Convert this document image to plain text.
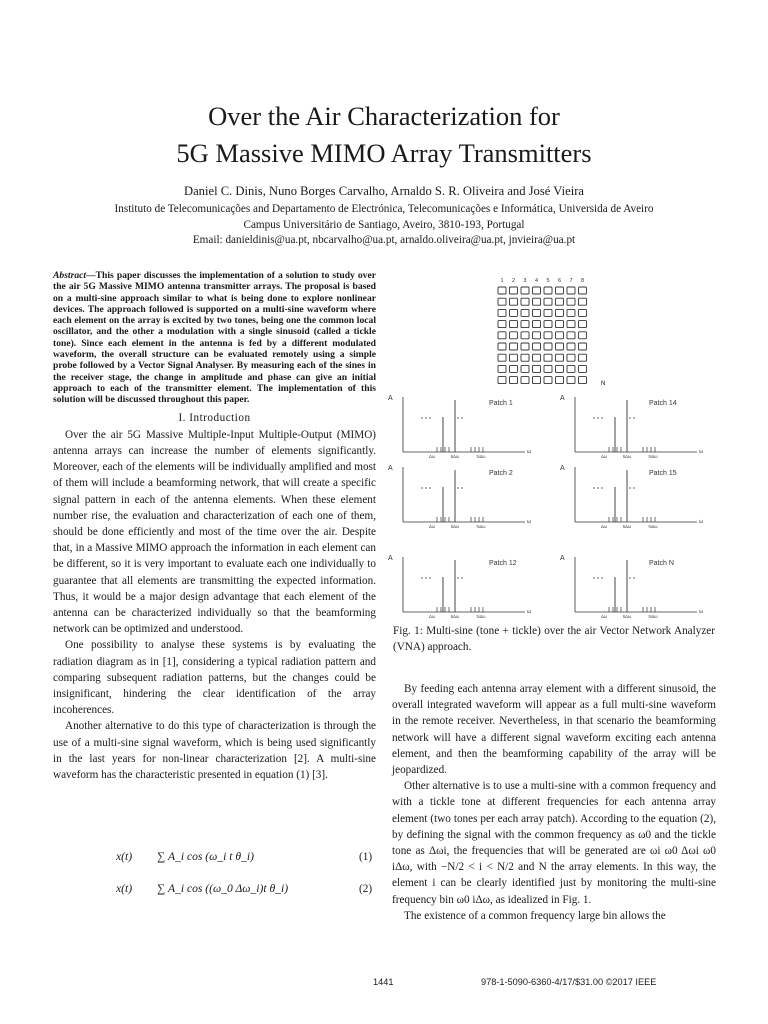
Over the Air Characterization for
5G Massive MIMO Array Transmitters
Daniel C. Dinis, Nuno Borges Carvalho, Arnaldo S. R. Oliveira and José Vieira
Instituto de Telecomunicações and Departamento de Electrónica, Telecomunicações e Informática, Universida de Aveiro
Campus Universitário de Santiago, Aveiro, 3810-193, Portugal
Email: danieldinis@ua.pt, nbcarvalho@ua.pt, arnaldo.oliveira@ua.pt, jnvieira@ua.pt
Abstract—This paper discusses the implementation of a solution to study over the air 5G Massive MIMO antenna transmitter arrays. The proposal is based on a multi-sine approach similar to what is being done to explore nonlinear devices. The approach followed is supported on a multi-sine waveform where each element on the array is excited by two tones, being one the common local oscillator, and the other a modulation with a single sinusoid (called a tickle tone). Since each element in the antenna is fed by a different modulated waveform, the overall structure can be evaluated remotely using a simple probe followed by a Vector Signal Analyser. By measuring each of the sines in the receiver stage, the change in amplitude and phase can give an initial approach to each of the transmitter element. The implementation of this solution will be discussed throughout this paper.
I. Introduction

Over the air 5G Massive Multiple-Input Multiple-Output (MIMO) antenna arrays can increase the number of elements significantly. Moreover, each of the elements will be individually amplified and most of them will include a beamforming network, that will create a specific signal pattern in each of the antenna elements. When these element number rise, the evaluation and characterization of each one of them, should be done efficiently and most of the time over the air. Despite that, in a Massive MIMO approach the information in each element can be different, so it is very important to evaluate each one individually to guarantee that all elements are transmitting the expected information. Thus, it would be a major design advantage that each element of the antenna can be characterized individually so that the beamforming network can be optimized and understood.

One possibility to analyse these systems is by evaluating the radiation diagram as in [1], considering a typical radiation pattern and comparing subsequent radiation patterns, but the changes could be insignificant, hindering the clear identification of the array incoherences.

Another alternative to do this type of characterization is through the use of a multi-sine signal waveform, which is being used significantly in the last years for non-linear characterization [2]. A multi-sine waveform has the characteristic presented in equation (1) [3].

x(t) ∑ A_i cos (ω_i t θ_i)	(1)
x(t) ∑ A_i cos ((ω_0 Δω_i)t θ_i)	(2)
1 2 3 4 5 6 7 8
N
A
ω
Δω	6Δω	NΔω
Patch 1
A
ω
Δω	6Δω	NΔω
Patch 14
A
ω
Δω	6Δω	NΔω
Patch 2
A
ω
Δω	6Δω	NΔω
Patch 15
A
ω
Δω	6Δω	NΔω
Patch 12
A
ω
Δω	6Δω	NΔω
Patch N
Fig. 1: Multi-sine (tone + tickle) over the air Vector Network Analyzer (VNA) approach.

By feeding each antenna array element with a different sinusoid, the overall integrated waveform will appear as a full multi-sine waveform in the remote receiver. Nevertheless, in that scenario the beamforming network will have a different signal waveform exciting each antenna element, and then the beamforming capability of the array will be jeopardized.

Other alternative is to use a multi-sine with a common frequency and with a tickle tone at different frequencies for each antenna array element (two tones per each array patch). According to the equation (2), by defining the signal with the common frequency as ω0 and the tickle tone as Δωi, the frequencies that will be generated are ωi ω0 Δωi ω0 iΔω, with −N/2 < i < N/2 and N the array elements. In this way, the element i can be clearly identified just by monitoring the multi-sine frequency bin ω0 iΔω, as idealized in Fig. 1.

The existence of a common frequency large bin allows the

1441	978-1-5090-6360-4/17/$31.00 ©2017 IEEE
